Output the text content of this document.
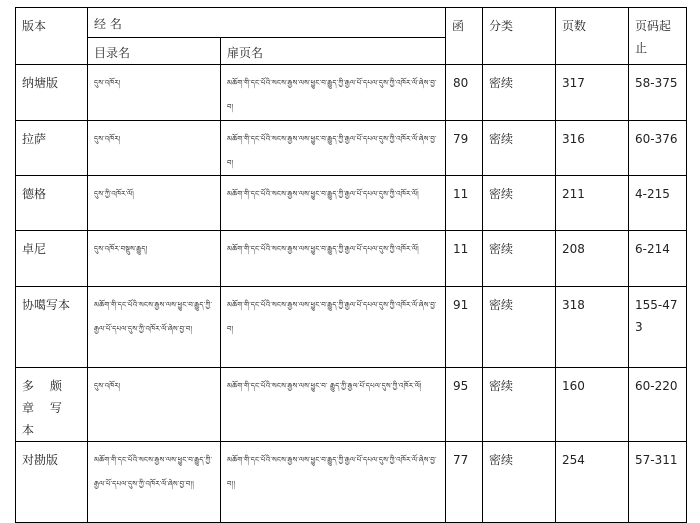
版本	经 名		函	分类	页数	页码起止
	目录名	扉页名				
纳塘版	དུས་འཁོར།	མཆོག་གི་དང་པོའི་སངས་རྒྱས་ལས་ཕྱུང་བ་རྒྱུད་ཀྱི་རྒྱལ་པོ་དཔལ་དུས་ཀྱི་འཁོར་ལོ་ཞེས་བྱ་བ།	80	密续	317	58-375
拉萨	དུས་འཁོར།	མཆོག་གི་དང་པོའི་སངས་རྒྱས་ལས་ཕྱུང་བ་རྒྱུད་ཀྱི་རྒྱལ་པོ་དཔལ་དུས་ཀྱི་འཁོར་ལོ་ཞེས་བྱ་བ།	79	密续	316	60-376
德格	དུས་ཀྱི་འཁོར་ལོ།	མཆོག་གི་དང་པོའི་སངས་རྒྱས་ལས་ཕྱུང་བ་རྒྱུད་ཀྱི་རྒྱལ་པོ་དཔལ་དུས་ཀྱི་འཁོར་ལོ།	11	密续	211	4-215
卓尼	དུས་འཁོར་བསྡུས་རྒྱུད།	མཆོག་གི་དང་པོའི་སངས་རྒྱས་ལས་ཕྱུང་བ་རྒྱུད་ཀྱི་རྒྱལ་པོ་དཔལ་དུས་ཀྱི་འཁོར་ལོ།	11	密续	208	6-214
协噶写本	མཆོག་གི་དང་པོའི་སངས་རྒྱས་ལས་ཕྱུང་བ་རྒྱུད་ཀྱི་རྒྱལ་པོ་དཔལ་དུས་ཀྱི་འཁོར་ལོ་ཞེས་བྱ་བ།	མཆོག་གི་དང་པོའི་སངས་རྒྱས་ལས་ཕྱུང་བ་རྒྱུད་ཀྱི་རྒྱལ་པོ་དཔལ་དུས་ཀྱི་འཁོར་ལོ་ཞེས་བྱ་བ།	91	密续	318	155-473
多 颇 章 写 本	དུས་འཁོར།	མཆོག་གི་དང་པོའི་སངས་རྒྱས་ལས་ཕྱུང་བ་ རྒྱུད་ཀྱི་རྒྱལ་པོ་དཔལ་དུས་ཀྱི་འཁོར་ལོ།	95	密续	160	60-220
对勘版	མཆོག་གི་དང་པོའི་སངས་རྒྱས་ལས་ཕྱུང་བ་རྒྱུད་ཀྱི་རྒྱལ་པོ་དཔལ་དུས་ཀྱི་འཁོར་ལོ་ཞེས་བྱ་བ།།	མཆོག་གི་དང་པོའི་སངས་རྒྱས་ལས་ཕྱུང་བ་རྒྱུད་ཀྱི་རྒྱལ་པོ་དཔལ་དུས་ཀྱི་འཁོར་ལོ་ཞེས་བྱ་བ།།	77	密续	254	57-311
